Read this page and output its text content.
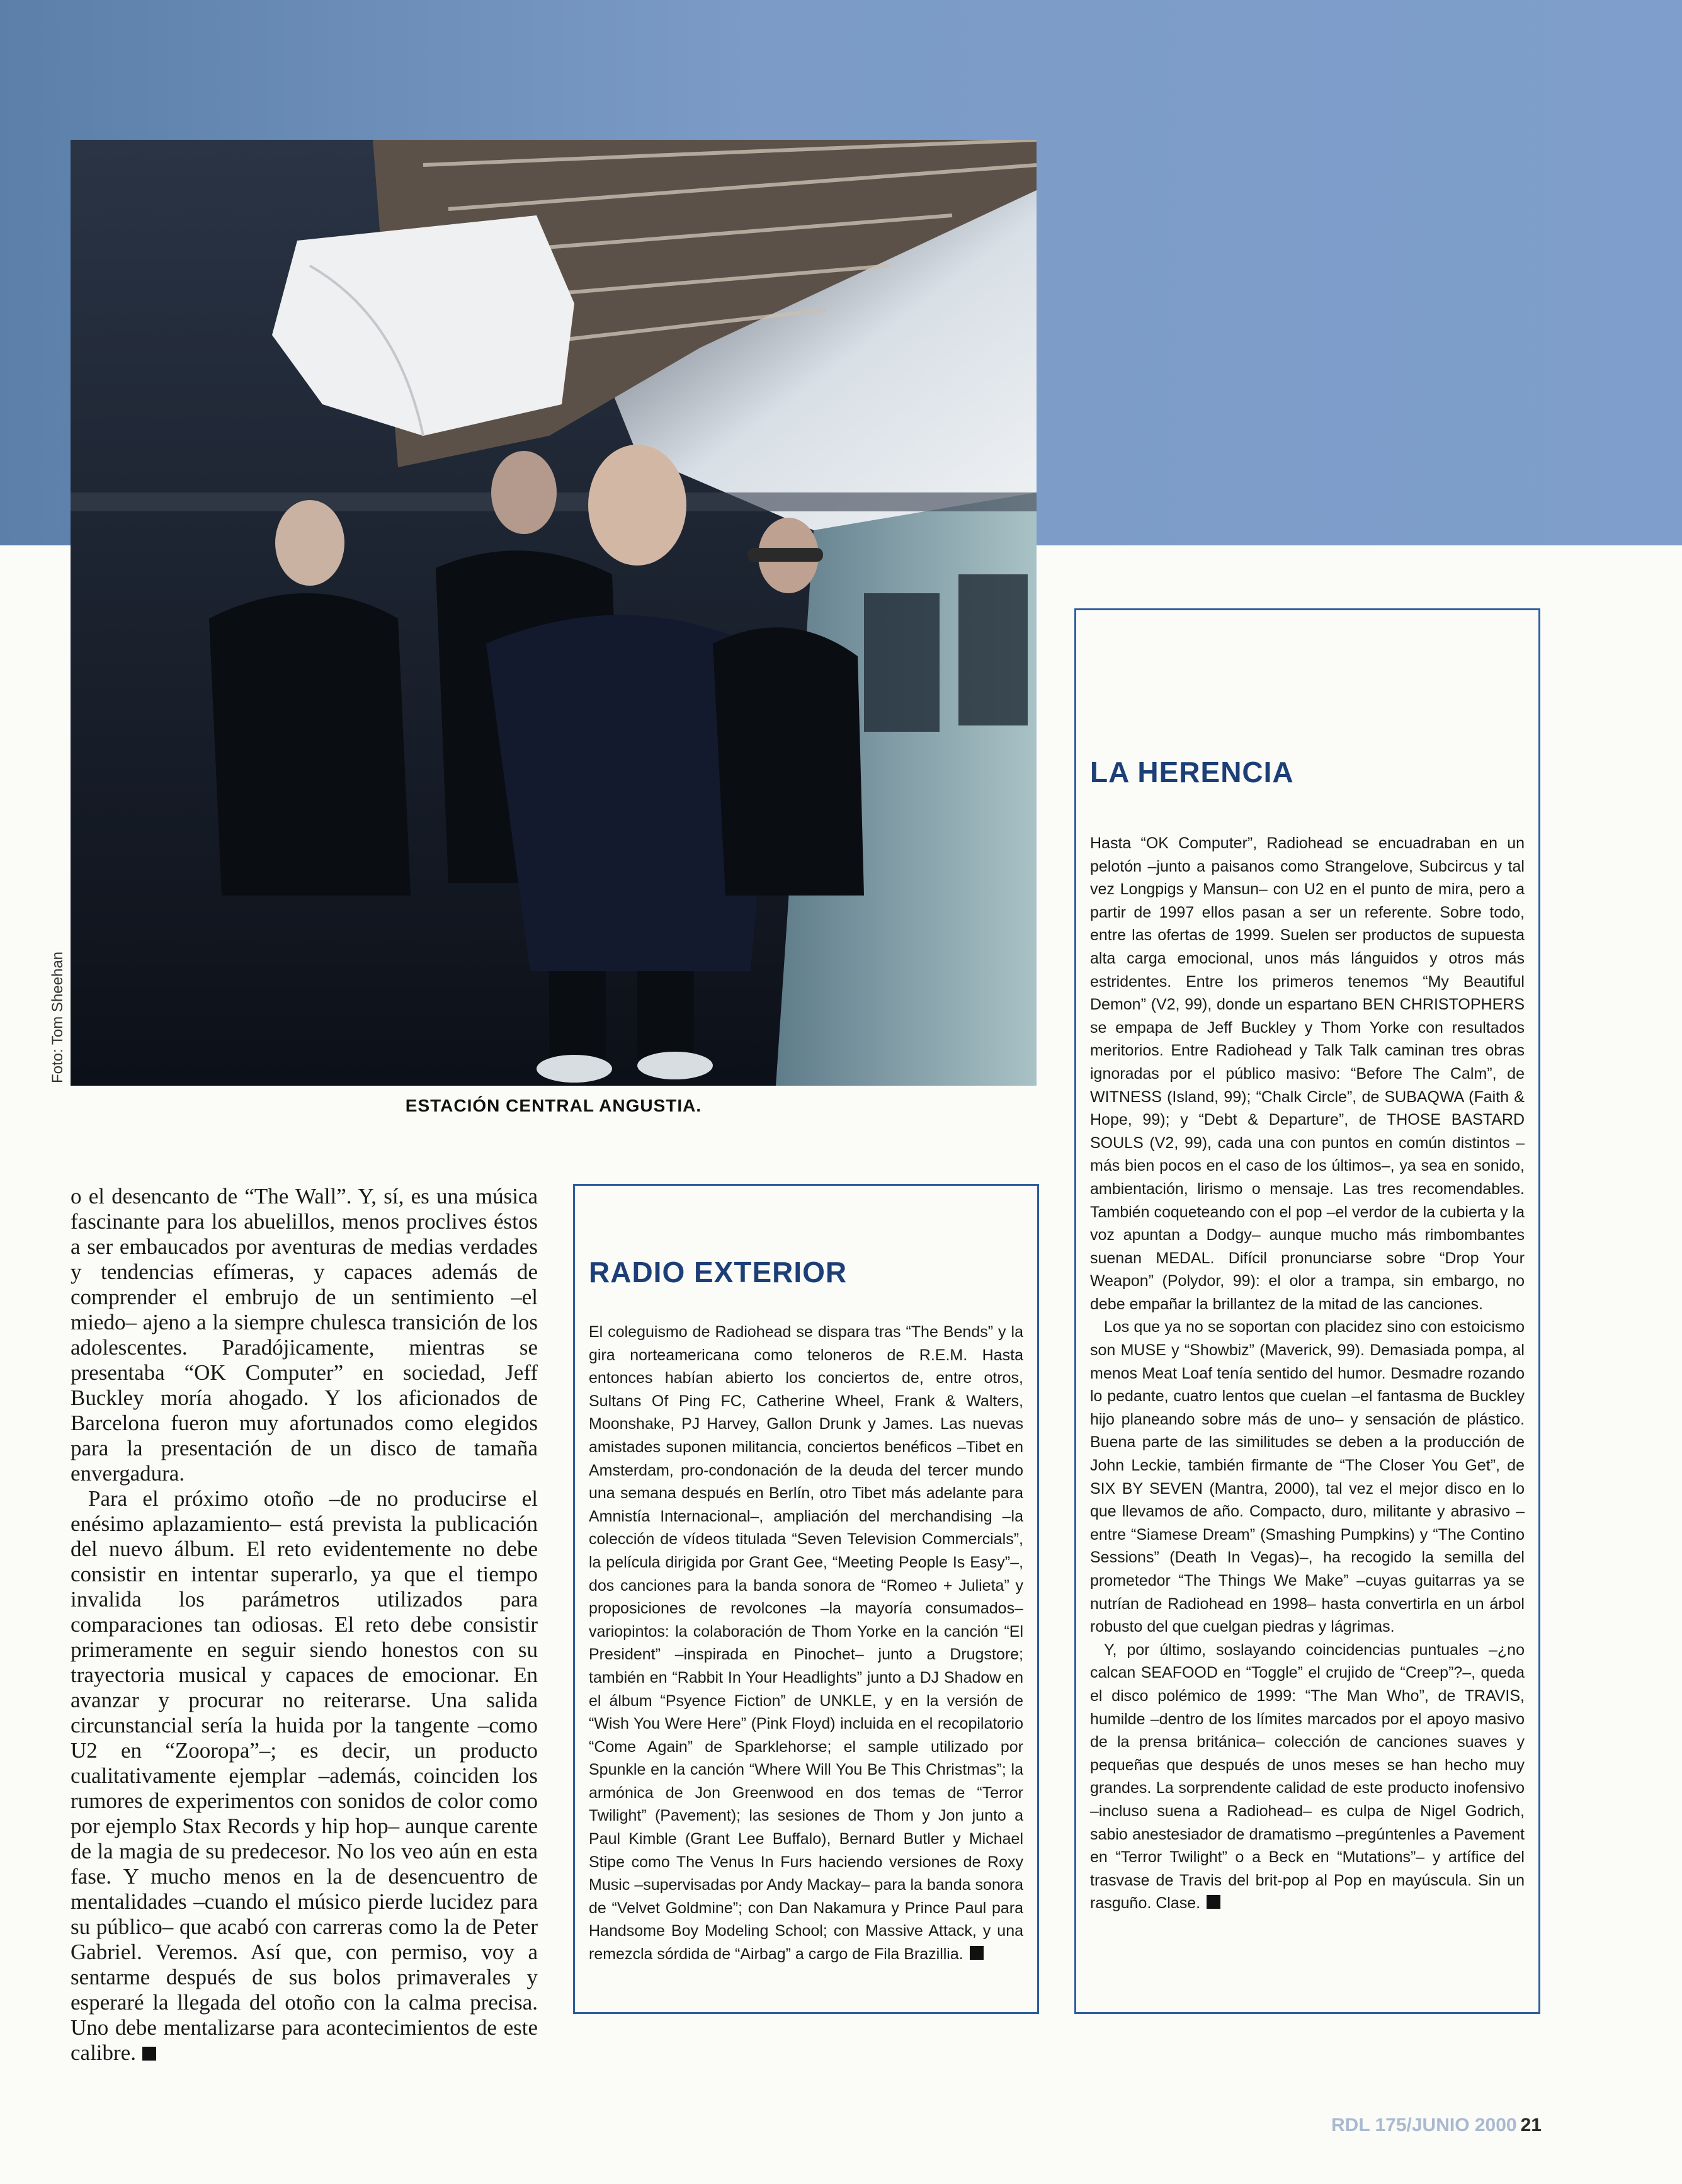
Foto: Tom Sheehan
ESTACIÓN CENTRAL ANGUSTIA.

o el desencanto de “The Wall”. Y, sí, es una música fascinante para los abuelillos, menos proclives éstos a ser embaucados por aventuras de medias verdades y tendencias efímeras, y capaces además de comprender el embrujo de un sentimiento –el miedo– ajeno a la siempre chulesca transición de los adolescentes. Paradójicamente, mientras se presentaba “OK Computer” en sociedad, Jeff Buckley moría ahogado. Y los aficionados de Barcelona fueron muy afortunados como elegidos para la presentación de un disco de tamaña envergadura.

Para el próximo otoño –de no producirse el enésimo aplazamiento– está prevista la publicación del nuevo álbum. El reto evidentemente no debe consistir en intentar superarlo, ya que el tiempo invalida los parámetros utilizados para comparaciones tan odiosas. El reto debe consistir primeramente en seguir siendo honestos con su trayectoria musical y capaces de emocionar. En avanzar y procurar no reiterarse. Una salida circunstancial sería la huida por la tangente –como U2 en “Zooropa”–; es decir, un producto cualitativamente ejemplar –además, coinciden los rumores de experimentos con sonidos de color como por ejemplo Stax Records y hip hop– aunque carente de la magia de su predecesor. No los veo aún en esta fase. Y mucho menos en la de desencuentro de mentalidades –cuando el músico pierde lucidez para su público– que acabó con carreras como la de Peter Gabriel. Veremos. Así que, con permiso, voy a sentarme después de sus bolos primaverales y esperaré la llegada del otoño con la calma precisa. Uno debe mentalizarse para acontecimientos de este calibre.

RADIO EXTERIOR

El coleguismo de Radiohead se dispara tras “The Bends” y la gira norteamericana como teloneros de R.E.M. Hasta entonces habían abierto los conciertos de, entre otros, Sultans Of Ping FC, Catherine Wheel, Frank & Walters, Moonshake, PJ Harvey, Gallon Drunk y James. Las nuevas amistades suponen militancia, conciertos benéficos –Tibet en Amsterdam, pro-condonación de la deuda del tercer mundo una semana después en Berlín, otro Tibet más adelante para Amnistía Internacional–, ampliación del merchandising –la colección de vídeos titulada “Seven Television Commercials”, la película dirigida por Grant Gee, “Meeting People Is Easy”–, dos canciones para la banda sonora de “Romeo + Julieta” y proposiciones de revolcones –la mayoría consumados– variopintos: la colaboración de Thom Yorke en la canción “El President” –inspirada en Pinochet– junto a Drugstore; también en “Rabbit In Your Headlights” junto a DJ Shadow en el álbum “Psyence Fiction” de UNKLE, y en la versión de “Wish You Were Here” (Pink Floyd) incluida en el recopilatorio “Come Again” de Sparklehorse; el sample utilizado por Spunkle en la canción “Where Will You Be This Christmas”; la armónica de Jon Greenwood en dos temas de “Terror Twilight” (Pavement); las sesiones de Thom y Jon junto a Paul Kimble (Grant Lee Buffalo), Bernard Butler y Michael Stipe como The Venus In Furs haciendo versiones de Roxy Music –supervisadas por Andy Mackay– para la banda sonora de “Velvet Goldmine”; con Dan Nakamura y Prince Paul para Handsome Boy Modeling School; con Massive Attack, y una remezcla sórdida de “Airbag” a cargo de Fila Brazillia.

LA HERENCIA

Hasta “OK Computer”, Radiohead se encuadraban en un pelotón –junto a paisanos como Strangelove, Subcircus y tal vez Longpigs y Mansun– con U2 en el punto de mira, pero a partir de 1997 ellos pasan a ser un referente. Sobre todo, entre las ofertas de 1999. Suelen ser productos de supuesta alta carga emocional, unos más lánguidos y otros más estridentes. Entre los primeros tenemos “My Beautiful Demon” (V2, 99), donde un espartano BEN CHRISTOPHERS se empapa de Jeff Buckley y Thom Yorke con resultados meritorios. Entre Radiohead y Talk Talk caminan tres obras ignoradas por el público masivo: “Before The Calm”, de WITNESS (Island, 99); “Chalk Circle”, de SUBAQWA (Faith & Hope, 99); y “Debt & Departure”, de THOSE BASTARD SOULS (V2, 99), cada una con puntos en común distintos –más bien pocos en el caso de los últimos–, ya sea en sonido, ambientación, lirismo o mensaje. Las tres recomendables. También coqueteando con el pop –el verdor de la cubierta y la voz apuntan a Dodgy– aunque mucho más rimbombantes suenan MEDAL. Difícil pronunciarse sobre “Drop Your Weapon” (Polydor, 99): el olor a trampa, sin embargo, no debe empañar la brillantez de la mitad de las canciones.

Los que ya no se soportan con placidez sino con estoicismo son MUSE y “Showbiz” (Maverick, 99). Demasiada pompa, al menos Meat Loaf tenía sentido del humor. Desmadre rozando lo pedante, cuatro lentos que cuelan –el fantasma de Buckley hijo planeando sobre más de uno– y sensación de plástico. Buena parte de las similitudes se deben a la producción de John Leckie, también firmante de “The Closer You Get”, de SIX BY SEVEN (Mantra, 2000), tal vez el mejor disco en lo que llevamos de año. Compacto, duro, militante y abrasivo –entre “Siamese Dream” (Smashing Pumpkins) y “The Contino Sessions” (Death In Vegas)–, ha recogido la semilla del prometedor “The Things We Make” –cuyas guitarras ya se nutrían de Radiohead en 1998– hasta convertirla en un árbol robusto del que cuelgan piedras y lágrimas.

Y, por último, soslayando coincidencias puntuales –¿no calcan SEAFOOD en “Toggle” el crujido de “Creep”?–, queda el disco polémico de 1999: “The Man Who”, de TRAVIS, humilde –dentro de los límites marcados por el apoyo masivo de la prensa británica– colección de canciones suaves y pequeñas que después de unos meses se han hecho muy grandes. La sorprendente calidad de este producto inofensivo –incluso suena a Radiohead– es culpa de Nigel Godrich, sabio anestesiador de dramatismo –pregúntenles a Pavement en “Terror Twilight” o a Beck en “Mutations”– y artífice del trasvase de Travis del brit-pop al Pop en mayúscula. Sin un rasguño. Clase.

RDL 175/JUNIO 2000 21
